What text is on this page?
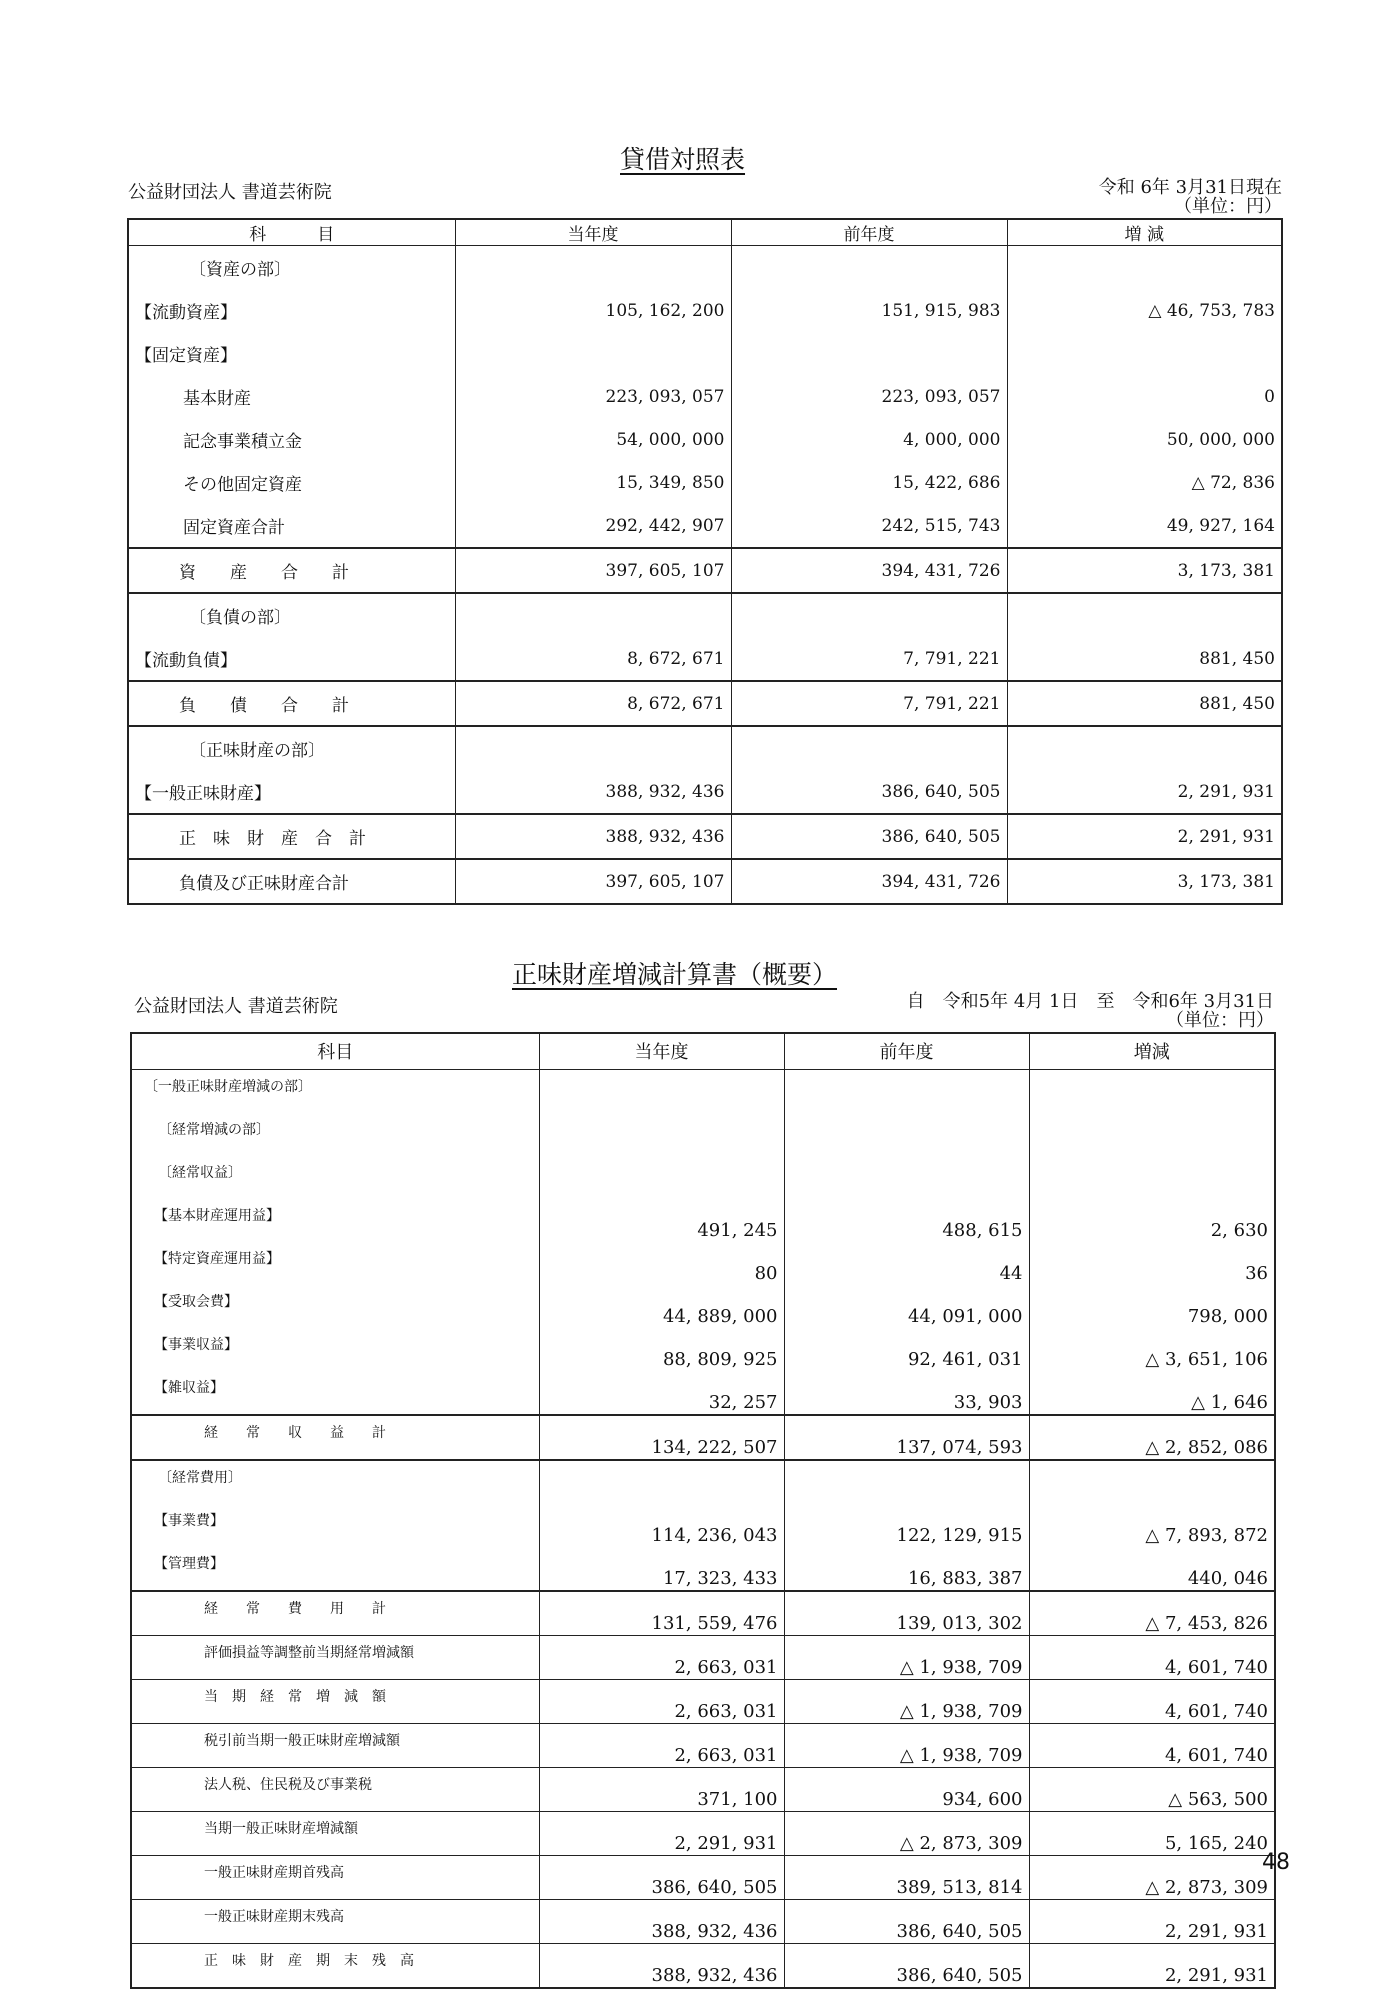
貸借対照表
公益財団法人 書道芸術院	令和 6年 3月31日現在
（単位：円）
科　　　目	当年度	前年度	増 減
〔資産の部〕			
【流動資産】	105, 162, 200	151, 915, 983	△ 46, 753, 783
【固定資産】			
基本財産	223, 093, 057	223, 093, 057	0
記念事業積立金	54, 000, 000	4, 000, 000	50, 000, 000
その他固定資産	15, 349, 850	15, 422, 686	△ 72, 836
固定資産合計	292, 442, 907	242, 515, 743	49, 927, 164
資　　産　　合　　計	397, 605, 107	394, 431, 726	3, 173, 381
〔負債の部〕			
【流動負債】	8, 672, 671	7, 791, 221	881, 450
負　　債　　合　　計	8, 672, 671	7, 791, 221	881, 450
〔正味財産の部〕			
【一般正味財産】	388, 932, 436	386, 640, 505	2, 291, 931
正　味　財　産　合　計	388, 932, 436	386, 640, 505	2, 291, 931
負債及び正味財産合計	397, 605, 107	394, 431, 726	3, 173, 381
正味財産増減計算書（概要）
公益財団法人 書道芸術院	自　令和5年 4月 1日　至　令和6年 3月31日
（単位：円）
科目	当年度	前年度	増減
〔一般正味財産増減の部〕			
〔経常増減の部〕			
〔経常収益〕			
【基本財産運用益】	491, 245	488, 615	2, 630
【特定資産運用益】	80	44	36
【受取会費】	44, 889, 000	44, 091, 000	798, 000
【事業収益】	88, 809, 925	92, 461, 031	△ 3, 651, 106
【雑収益】	32, 257	33, 903	△ 1, 646
経　　常　　収　　益　　計	134, 222, 507	137, 074, 593	△ 2, 852, 086
〔経常費用〕			
【事業費】	114, 236, 043	122, 129, 915	△ 7, 893, 872
【管理費】	17, 323, 433	16, 883, 387	440, 046
経　　常　　費　　用　　計	131, 559, 476	139, 013, 302	△ 7, 453, 826
評価損益等調整前当期経常増減額	2, 663, 031	△ 1, 938, 709	4, 601, 740
当　期　経　常　増　減　額	2, 663, 031	△ 1, 938, 709	4, 601, 740
税引前当期一般正味財産増減額	2, 663, 031	△ 1, 938, 709	4, 601, 740
法人税、住民税及び事業税	371, 100	934, 600	△ 563, 500
当期一般正味財産増減額	2, 291, 931	△ 2, 873, 309	5, 165, 240
一般正味財産期首残高	386, 640, 505	389, 513, 814	△ 2, 873, 309
一般正味財産期末残高	388, 932, 436	386, 640, 505	2, 291, 931
正　味　財　産　期　末　残　高	388, 932, 436	386, 640, 505	2, 291, 931
48
